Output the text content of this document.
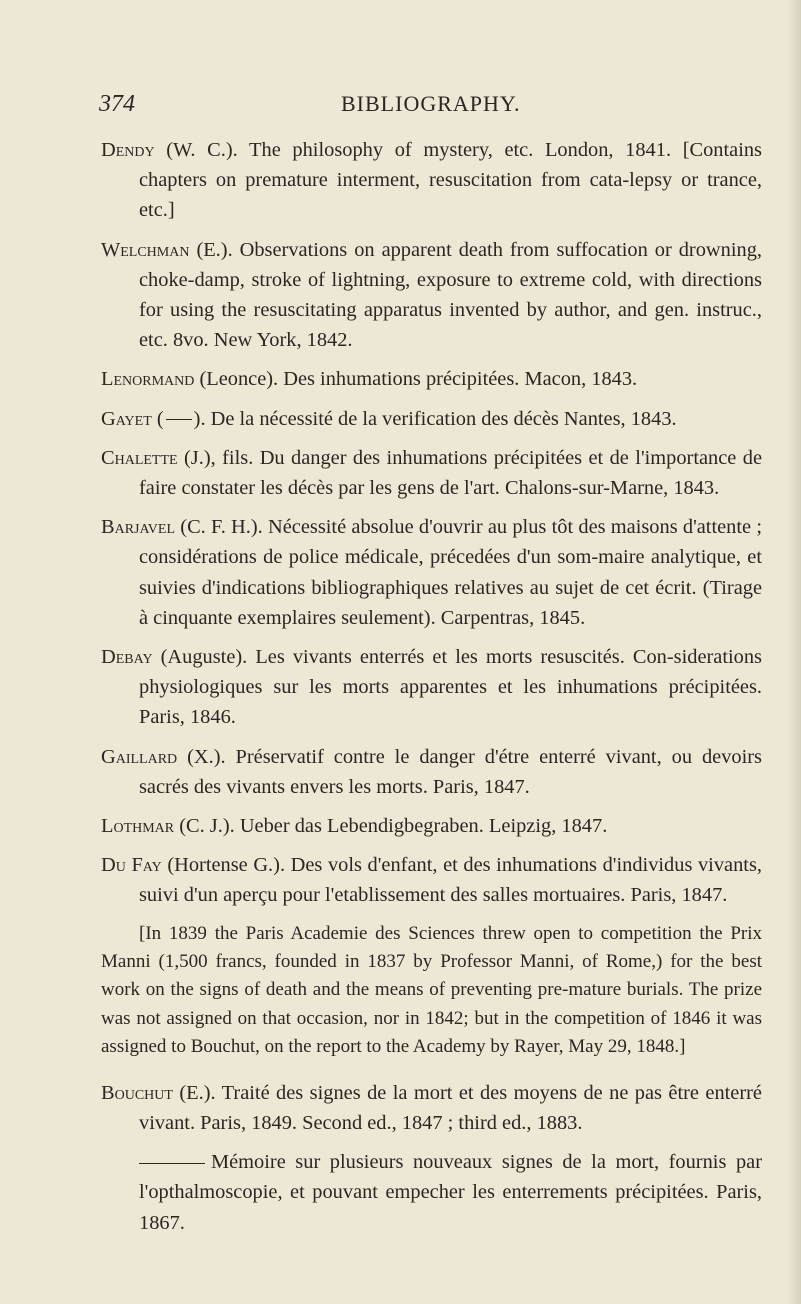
374	BIBLIOGRAPHY.

Dendy (W. C.). The philosophy of mystery, etc. London, 1841. [Contains chapters on premature interment, resuscitation from cata-lepsy or trance, etc.]

Welchman (E.). Observations on apparent death from suffocation or drowning, choke-damp, stroke of lightning, exposure to extreme cold, with directions for using the resuscitating apparatus invented by author, and gen. instruc., etc. 8vo. New York, 1842.

Lenormand (Leonce). Des inhumations précipitées. Macon, 1843.

Gayet ( ). De la nécessité de la verification des décès Nantes, 1843.

Chalette (J.), fils. Du danger des inhumations précipitées et de l'importance de faire constater les décès par les gens de l'art. Chalons-sur-Marne, 1843.

Barjavel (C. F. H.). Nécessité absolue d'ouvrir au plus tôt des maisons d'attente ; considérations de police médicale, précedées d'un som-maire analytique, et suivies d'indications bibliographiques relatives au sujet de cet écrit. (Tirage à cinquante exemplaires seulement). Carpentras, 1845.

Debay (Auguste). Les vivants enterrés et les morts resuscités. Con-siderations physiologiques sur les morts apparentes et les inhumations précipitées. Paris, 1846.

Gaillard (X.). Préservatif contre le danger d'étre enterré vivant, ou devoirs sacrés des vivants envers les morts. Paris, 1847.

Lothmar (C. J.). Ueber das Lebendigbegraben. Leipzig, 1847.

Du Fay (Hortense G.). Des vols d'enfant, et des inhumations d'individus vivants, suivi d'un aperçu pour l'etablissement des salles mortuaires. Paris, 1847.

[In 1839 the Paris Academie des Sciences threw open to competition the Prix Manni (1,500 francs, founded in 1837 by Professor Manni, of Rome,) for the best work on the signs of death and the means of preventing pre-mature burials. The prize was not assigned on that occasion, nor in 1842; but in the competition of 1846 it was assigned to Bouchut, on the report to the Academy by Rayer, May 29, 1848.]

Bouchut (E.). Traité des signes de la mort et des moyens de ne pas être enterré vivant. Paris, 1849. Second ed., 1847 ; third ed., 1883.

Mémoire sur plusieurs nouveaux signes de la mort, fournis par l'opthalmoscopie, et pouvant empecher les enterrements précipitées. Paris, 1867.
